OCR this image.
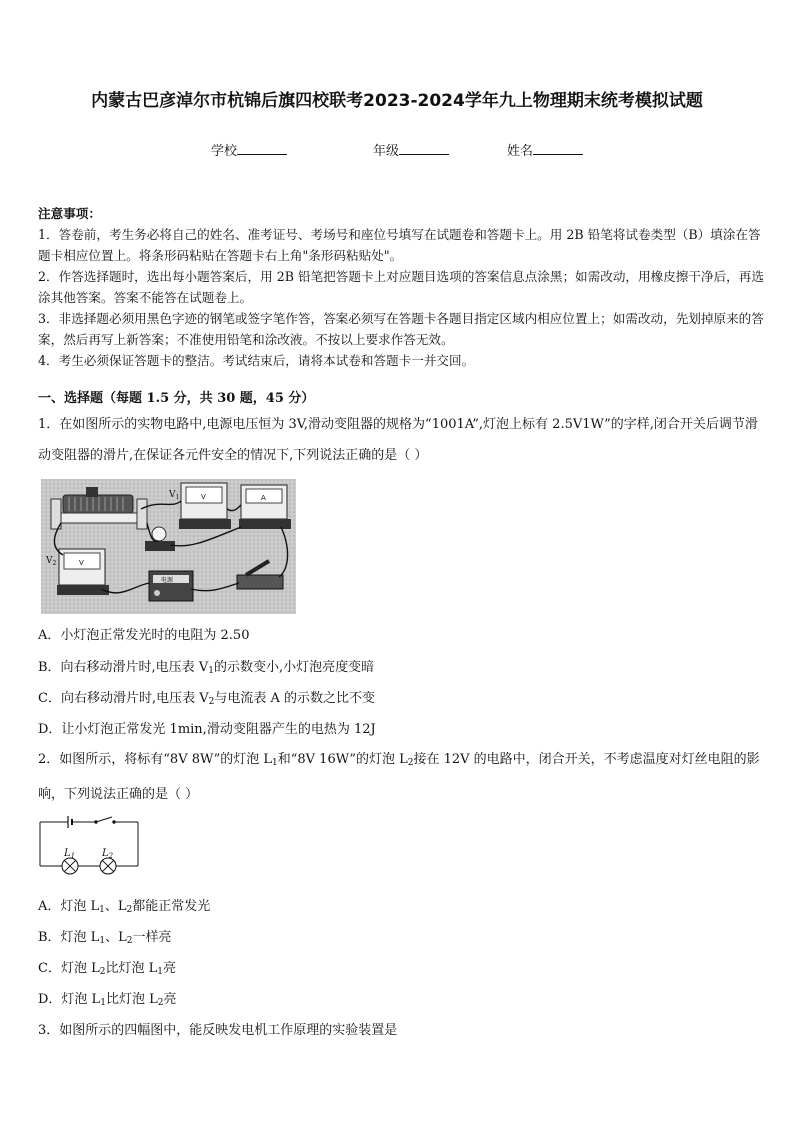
内蒙古巴彦淖尔市杭锦后旗四校联考2023-2024学年九上物理期末统考模拟试题
学校	年级	姓名

注意事项：

1．答卷前，考生务必将自己的姓名、准考证号、考场号和座位号填写在试题卷和答题卡上。用 2B 铅笔将试卷类型（B）填涂在答题卡相应位置上。将条形码粘贴在答题卡右上角"条形码粘贴处"。

2．作答选择题时，选出每小题答案后，用 2B 铅笔把答题卡上对应题目选项的答案信息点涂黑；如需改动，用橡皮擦干净后，再选涂其他答案。答案不能答在试题卷上。

3．非选择题必须用黑色字迹的钢笔或签字笔作答，答案必须写在答题卡各题目指定区域内相应位置上；如需改动，先划掉原来的答案，然后再写上新答案；不准使用铅笔和涂改液。不按以上要求作答无效。

4．考生必须保证答题卡的整洁。考试结束后，请将本试卷和答题卡一并交回。

一、选择题（每题 1.5 分，共 30 题，45 分）
1．在如图所示的实物电路中,电源电压恒为 3V,滑动变阻器的规格为“1001A”,灯泡上标有 2.5V1W”的字样,闭合开关后调节滑动变阻器的滑片,在保证各元件安全的情况下,下列说法正确的是（ ）
$V_1$	V	A
$V_2$	V
电源
A．小灯泡正常发光时的电阻为 2.50
B．向右移动滑片时,电压表 $V_1$的示数变小,小灯泡亮度变暗
C．向右移动滑片时,电压表 $V_2$与电流表 A 的示数之比不变
D．让小灯泡正常发光 1min,滑动变阻器产生的电热为 12J
2．如图所示，将标有“8V 8W”的灯泡 $L_1$和“8V 16W”的灯泡 $L_2$接在 12V 的电路中，闭合开关，不考虑温度对灯丝电阻的影响，下列说法正确的是（ ）
$L_1$	$L_2$
A．灯泡 $L_1$、$L_2$都能正常发光
B．灯泡 $L_1$、$L_2$一样亮
C．灯泡 $L_2$比灯泡 $L_1$亮
D．灯泡 $L_1$比灯泡 $L_2$亮
3．如图所示的四幅图中，能反映发电机工作原理的实验装置是
